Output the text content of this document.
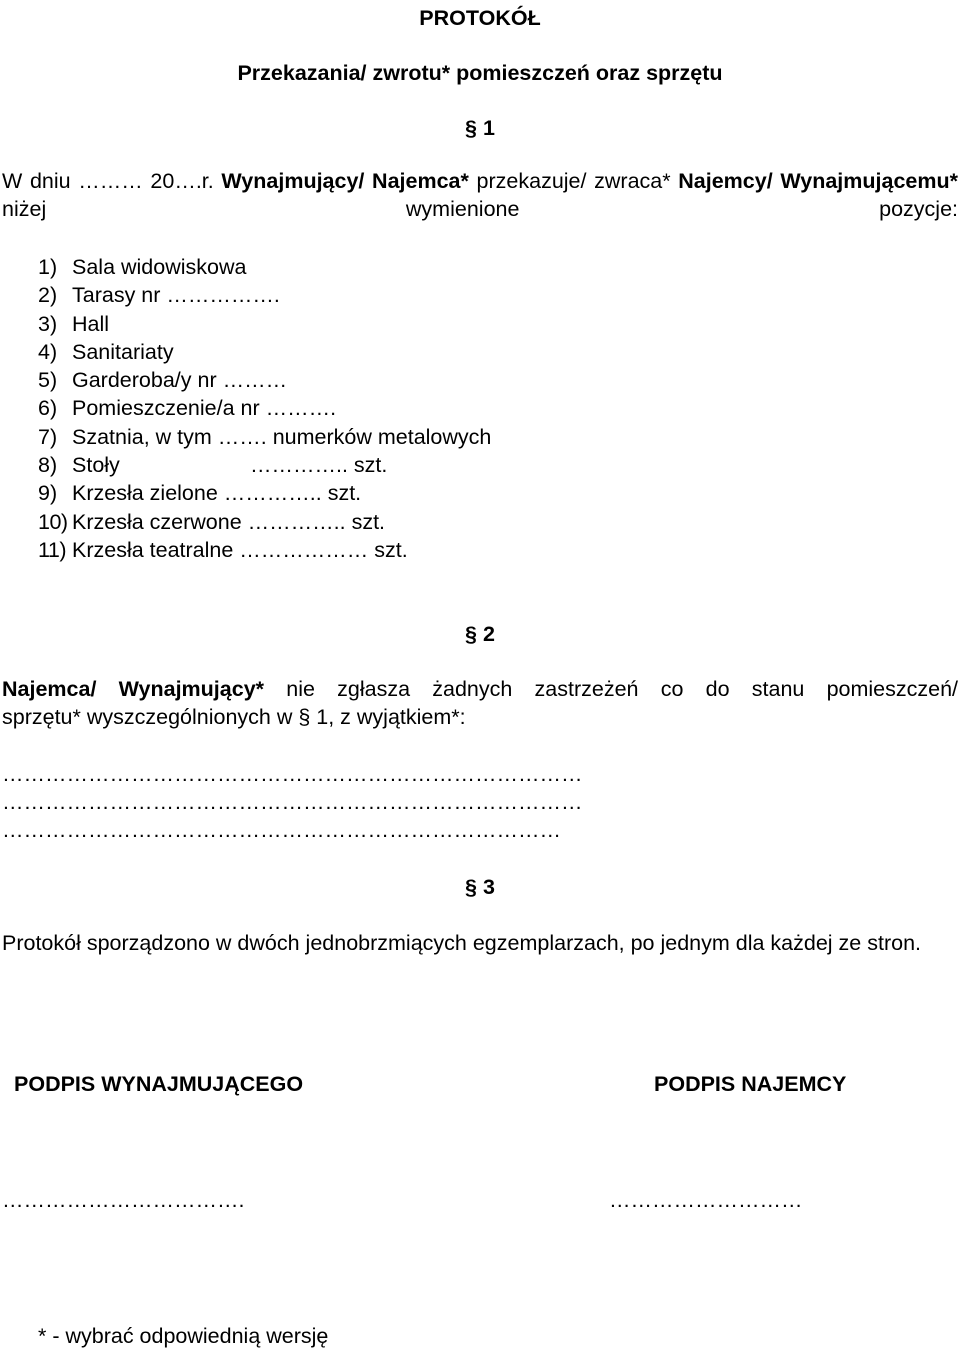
PROTOKÓŁ
Przekazania/ zwrotu* pomieszczeń oraz sprzętu
§ 1
W dniu ……… 20….r. Wynajmujący/ Najemca* przekazuje/ zwraca* Najemcy/ Wynajmującemu* niżej wymienione pozycje:
1) Sala widowiskowa
2) Tarasy nr …………….
3) Hall
4) Sanitariaty
5) Garderoba/y nr ………
6) Pomieszczenie/a nr ……….
7) Szatnia, w tym ……. numerków metalowych
8) Stoły	………….. szt.
9) Krzesła zielone ………….. szt.
10) Krzesła czerwone ………….. szt.
11) Krzesła teatralne ……………… szt.
§ 2
Najemca/ Wynajmujący* nie zgłasza żadnych zastrzeżeń co do stanu pomieszczeń/
sprzętu* wyszczególnionych w § 1, z wyjątkiem*:
………………………………………………………………………
………………………………………………………………………
……………………………………………………………………
§ 3
Protokół sporządzono w dwóch jednobrzmiących egzemplarzach, po jednym dla każdej ze stron.
PODPIS WYNAJMUJĄCEGO	PODPIS NAJEMCY
…………………………….	………………………
* - wybrać odpowiednią wersję
